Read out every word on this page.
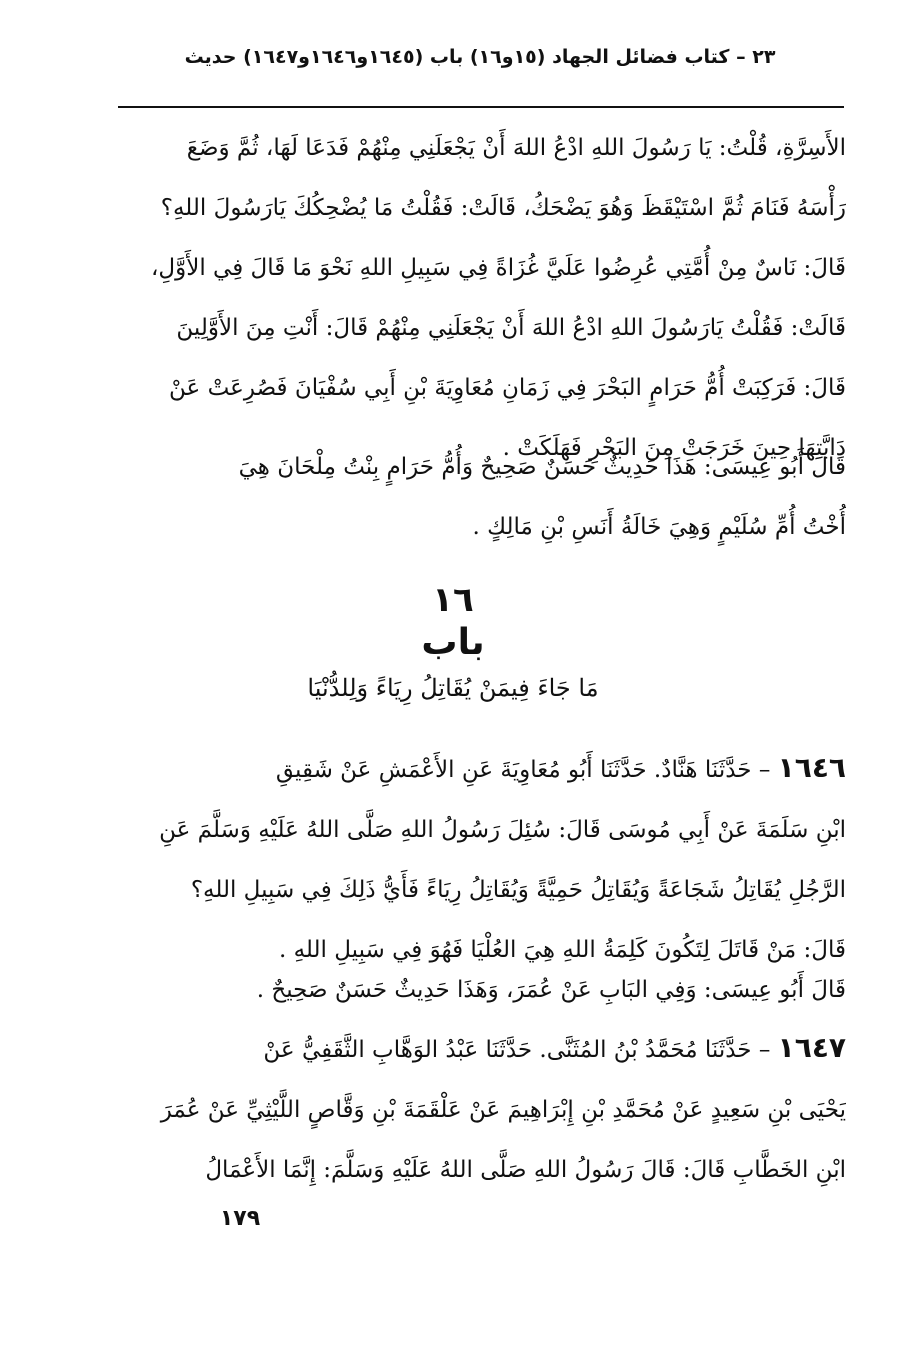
٢٣ – كتاب فضائل الجهاد (١٥و١٦) باب (١٦٤٥و١٦٤٦و١٦٤٧) حديث
الأَسِرَّةِ، قُلْتُ: يَا رَسُولَ اللهِ ادْعُ اللهَ أَنْ يَجْعَلَنِي مِنْهُمْ فَدَعَا لَهَا، ثُمَّ وَضَعَ
رَأْسَهُ فَنَامَ ثُمَّ اسْتَيْقَظَ وَهُوَ يَضْحَكُ، قَالَتْ: فَقُلْتُ مَا يُضْحِكُكَ يَارَسُولَ اللهِ؟
قَالَ: نَاسٌ مِنْ أُمَّتِي عُرِضُوا عَلَيَّ غُزَاةً فِي سَبِيلِ اللهِ نَحْوَ مَا قَالَ فِي الأَوَّلِ،
قَالَتْ: فَقُلْتُ يَارَسُولَ اللهِ ادْعُ اللهَ أَنْ يَجْعَلَنِي مِنْهُمْ قَالَ: أَنْتِ مِنَ الأَوَّلِينَ
قَالَ: فَرَكِبَتْ أُمُّ حَرَامٍ البَحْرَ فِي زَمَانِ مُعَاوِيَةَ بْنِ أَبِي سُفْيَانَ فَصُرِعَتْ عَنْ
دَابَّتِهَا حِينَ خَرَجَتْ مِنَ البَحْرِ فَهَلَكَتْ .
قَالَ أَبُو عِيسَى: هَذَا حَدِيثٌ حَسَنٌ صَحِيحٌ وَأُمُّ حَرَامٍ بِنْتُ مِلْحَانَ هِيَ
أُخْتُ أُمِّ سُلَيْمٍ وَهِيَ خَالَةُ أَنَسِ بْنِ مَالِكٍ .
١٦
باب
مَا جَاءَ فِيمَنْ يُقَاتِلُ رِيَاءً وَلِلدُّنْيَا
١٦٤٦ – حَدَّثَنَا هَنَّادٌ. حَدَّثَنَا أَبُو مُعَاوِيَةَ عَنِ الأَعْمَشِ عَنْ شَقِيقِ
ابْنِ سَلَمَةَ عَنْ أَبِي مُوسَى قَالَ: سُئِلَ رَسُولُ اللهِ صَلَّى اللهُ عَلَيْهِ وَسَلَّمَ عَنِ
الرَّجُلِ يُقَاتِلُ شَجَاعَةً وَيُقَاتِلُ حَمِيَّةً وَيُقَاتِلُ رِيَاءً فَأَيُّ ذَلِكَ فِي سَبِيلِ اللهِ؟
قَالَ: مَنْ قَاتَلَ لِتَكُونَ كَلِمَةُ اللهِ هِيَ العُلْيَا فَهُوَ فِي سَبِيلِ اللهِ .
قَالَ أَبُو عِيسَى: وَفِي البَابِ عَنْ عُمَرَ، وَهَذَا حَدِيثٌ حَسَنٌ صَحِيحٌ .
١٦٤٧ – حَدَّثَنَا مُحَمَّدُ بْنُ المُثَنَّى. حَدَّثَنَا عَبْدُ الوَهَّابِ الثَّقَفِيُّ عَنْ
يَحْيَى بْنِ سَعِيدٍ عَنْ مُحَمَّدِ بْنِ إِبْرَاهِيمَ عَنْ عَلْقَمَةَ بْنِ وَقَّاصٍ اللَّيْثِيِّ عَنْ عُمَرَ
ابْنِ الخَطَّابِ قَالَ: قَالَ رَسُولُ اللهِ صَلَّى اللهُ عَلَيْهِ وَسَلَّمَ: إِنَّمَا الأَعْمَالُ
١٧٩
